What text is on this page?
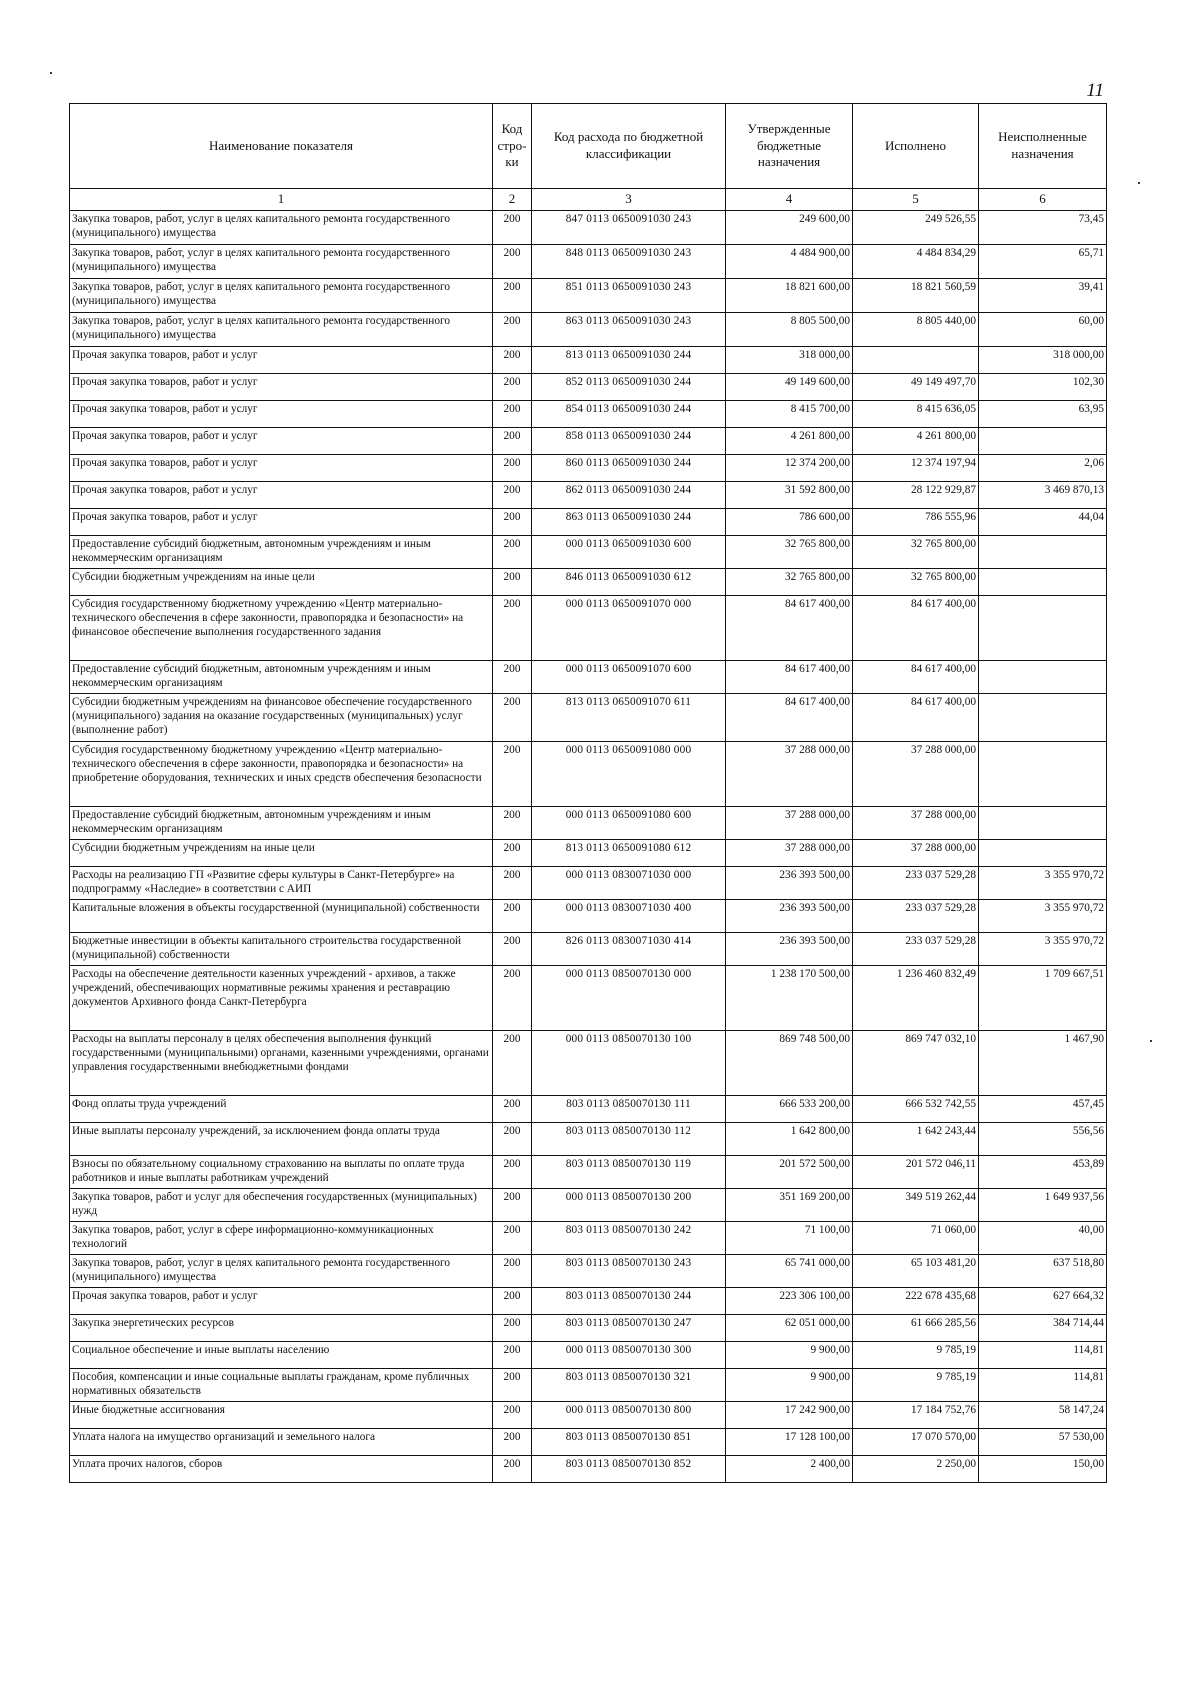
11
Наименование показателя	Код стро-ки	Код расхода по бюджетной классификации	Утвержденные бюджетные назначения	Исполнено	Неисполненные назначения
1	2	3	4	5	6
Закупка товаров, работ, услуг в целях капитального ремонта государственного (муниципального) имущества	200	847 0113 0650091030 243	249 600,00	249 526,55	73,45
Закупка товаров, работ, услуг в целях капитального ремонта государственного (муниципального) имущества	200	848 0113 0650091030 243	4 484 900,00	4 484 834,29	65,71
Закупка товаров, работ, услуг в целях капитального ремонта государственного (муниципального) имущества	200	851 0113 0650091030 243	18 821 600,00	18 821 560,59	39,41
Закупка товаров, работ, услуг в целях капитального ремонта государственного (муниципального) имущества	200	863 0113 0650091030 243	8 805 500,00	8 805 440,00	60,00
Прочая закупка товаров, работ и услуг	200	813 0113 0650091030 244	318 000,00		318 000,00
Прочая закупка товаров, работ и услуг	200	852 0113 0650091030 244	49 149 600,00	49 149 497,70	102,30
Прочая закупка товаров, работ и услуг	200	854 0113 0650091030 244	8 415 700,00	8 415 636,05	63,95
Прочая закупка товаров, работ и услуг	200	858 0113 0650091030 244	4 261 800,00	4 261 800,00	
Прочая закупка товаров, работ и услуг	200	860 0113 0650091030 244	12 374 200,00	12 374 197,94	2,06
Прочая закупка товаров, работ и услуг	200	862 0113 0650091030 244	31 592 800,00	28 122 929,87	3 469 870,13
Прочая закупка товаров, работ и услуг	200	863 0113 0650091030 244	786 600,00	786 555,96	44,04
Предоставление субсидий бюджетным, автономным учреждениям и иным некоммерческим организациям	200	000 0113 0650091030 600	32 765 800,00	32 765 800,00	
Субсидии бюджетным учреждениям на иные цели	200	846 0113 0650091030 612	32 765 800,00	32 765 800,00	
Субсидия государственному бюджетному учреждению «Центр материально-технического обеспечения в сфере законности, правопорядка и безопасности» на финансовое обеспечение выполнения государственного задания	200	000 0113 0650091070 000	84 617 400,00	84 617 400,00	
Предоставление субсидий бюджетным, автономным учреждениям и иным некоммерческим организациям	200	000 0113 0650091070 600	84 617 400,00	84 617 400,00	
Субсидии бюджетным учреждениям на финансовое обеспечение государственного (муниципального) задания на оказание государственных (муниципальных) услуг (выполнение работ)	200	813 0113 0650091070 611	84 617 400,00	84 617 400,00	
Субсидия государственному бюджетному учреждению «Центр материально-технического обеспечения в сфере законности, правопорядка и безопасности» на приобретение оборудования, технических и иных средств обеспечения безопасности	200	000 0113 0650091080 000	37 288 000,00	37 288 000,00	
Предоставление субсидий бюджетным, автономным учреждениям и иным некоммерческим организациям	200	000 0113 0650091080 600	37 288 000,00	37 288 000,00	
Субсидии бюджетным учреждениям на иные цели	200	813 0113 0650091080 612	37 288 000,00	37 288 000,00	
Расходы на реализацию ГП «Развитие сферы культуры в Санкт-Петербурге» на подпрограмму «Наследие» в соответствии с АИП	200	000 0113 0830071030 000	236 393 500,00	233 037 529,28	3 355 970,72
Капитальные вложения в объекты государственной (муниципальной) собственности	200	000 0113 0830071030 400	236 393 500,00	233 037 529,28	3 355 970,72
Бюджетные инвестиции в объекты капитального строительства государственной (муниципальной) собственности	200	826 0113 0830071030 414	236 393 500,00	233 037 529,28	3 355 970,72
Расходы на обеспечение деятельности казенных учреждений - архивов, а также учреждений, обеспечивающих нормативные режимы хранения и реставрацию документов Архивного фонда Санкт-Петербурга	200	000 0113 0850070130 000	1 238 170 500,00	1 236 460 832,49	1 709 667,51
Расходы на выплаты персоналу в целях обеспечения выполнения функций государственными (муниципальными) органами, казенными учреждениями, органами управления государственными внебюджетными фондами	200	000 0113 0850070130 100	869 748 500,00	869 747 032,10	1 467,90
Фонд оплаты труда учреждений	200	803 0113 0850070130 111	666 533 200,00	666 532 742,55	457,45
Иные выплаты персоналу учреждений, за исключением фонда оплаты труда	200	803 0113 0850070130 112	1 642 800,00	1 642 243,44	556,56
Взносы по обязательному социальному страхованию на выплаты по оплате труда работников и иные выплаты работникам учреждений	200	803 0113 0850070130 119	201 572 500,00	201 572 046,11	453,89
Закупка товаров, работ и услуг для обеспечения государственных (муниципальных) нужд	200	000 0113 0850070130 200	351 169 200,00	349 519 262,44	1 649 937,56
Закупка товаров, работ, услуг в сфере информационно-коммуникационных технологий	200	803 0113 0850070130 242	71 100,00	71 060,00	40,00
Закупка товаров, работ, услуг в целях капитального ремонта государственного (муниципального) имущества	200	803 0113 0850070130 243	65 741 000,00	65 103 481,20	637 518,80
Прочая закупка товаров, работ и услуг	200	803 0113 0850070130 244	223 306 100,00	222 678 435,68	627 664,32
Закупка энергетических ресурсов	200	803 0113 0850070130 247	62 051 000,00	61 666 285,56	384 714,44
Социальное обеспечение и иные выплаты населению	200	000 0113 0850070130 300	9 900,00	9 785,19	114,81
Пособия, компенсации и иные социальные выплаты гражданам, кроме публичных нормативных обязательств	200	803 0113 0850070130 321	9 900,00	9 785,19	114,81
Иные бюджетные ассигнования	200	000 0113 0850070130 800	17 242 900,00	17 184 752,76	58 147,24
Уплата налога на имущество организаций и земельного налога	200	803 0113 0850070130 851	17 128 100,00	17 070 570,00	57 530,00
Уплата прочих налогов, сборов	200	803 0113 0850070130 852	2 400,00	2 250,00	150,00
